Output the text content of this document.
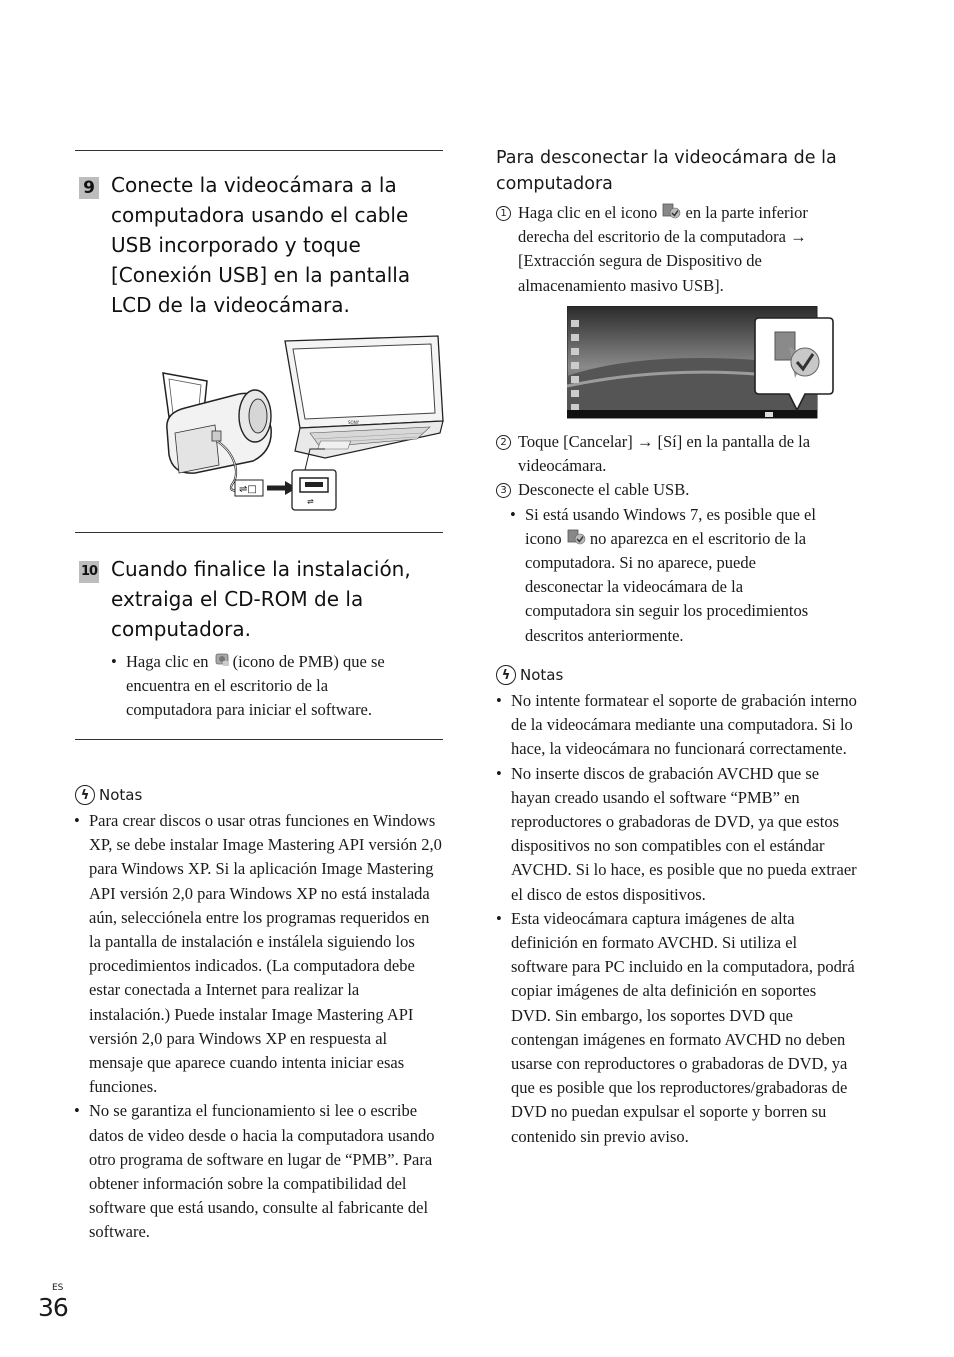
9 Conecte la videocámara a la computadora usando el cable USB incorporado y toque [Conexión USB] en la pantalla LCD de la videocámara.
SONY
⇌□
⇌
10 Cuando finalice la instalación, extraiga el CD-ROM de la computadora.
• Haga clic en (icono de PMB) que se encuentra en el escritorio de la computadora para iniciar el software.
ϟ Notas
• Para crear discos o usar otras funciones en Windows XP, se debe instalar Image Mastering API versión 2,0 para Windows XP. Si la aplicación Image Mastering API versión 2,0 para Windows XP no está instalada aún, selecciónela entre los programas requeridos en la pantalla de instalación e instálela siguiendo los procedimientos indicados. (La computadora debe estar conectada a Internet para realizar la instalación.) Puede instalar Image Mastering API versión 2,0 para Windows XP en respuesta al mensaje que aparece cuando intenta iniciar esas funciones.
• No se garantiza el funcionamiento si lee o escribe datos de video desde o hacia la computadora usando otro programa de software en lugar de “PMB”. Para obtener información sobre la compatibilidad del software que está usando, consulte al fabricante del software.
Para desconectar la videocámara de la computadora
1 Haga clic en el icono  en la parte inferior derecha del escritorio de la computadora → [Extracción segura de Dispositivo de almacenamiento masivo USB].
2 Toque [Cancelar] → [Sí] en la pantalla de la videocámara.
3 Desconecte el cable USB.
• Si está usando Windows 7, es posible que el icono  no aparezca en el escritorio de la computadora. Si no aparece, puede desconectar la videocámara de la computadora sin seguir los procedimientos descritos anteriormente.
ϟ Notas
• No intente formatear el soporte de grabación interno de la videocámara mediante una computadora. Si lo hace, la videocámara no funcionará correctamente.
• No inserte discos de grabación AVCHD que se hayan creado usando el software “PMB” en reproductores o grabadoras de DVD, ya que estos dispositivos no son compatibles con el estándar AVCHD. Si lo hace, es posible que no pueda extraer el disco de estos dispositivos.
• Esta videocámara captura imágenes de alta definición en formato AVCHD. Si utiliza el software para PC incluido en la computadora, podrá copiar imágenes de alta definición en soportes DVD. Sin embargo, los soportes DVD que contengan imágenes en formato AVCHD no deben usarse con reproductores o grabadoras de DVD, ya que es posible que los reproductores/grabadoras de DVD no puedan expulsar el soporte y borren su contenido sin previo aviso.
ES
36
